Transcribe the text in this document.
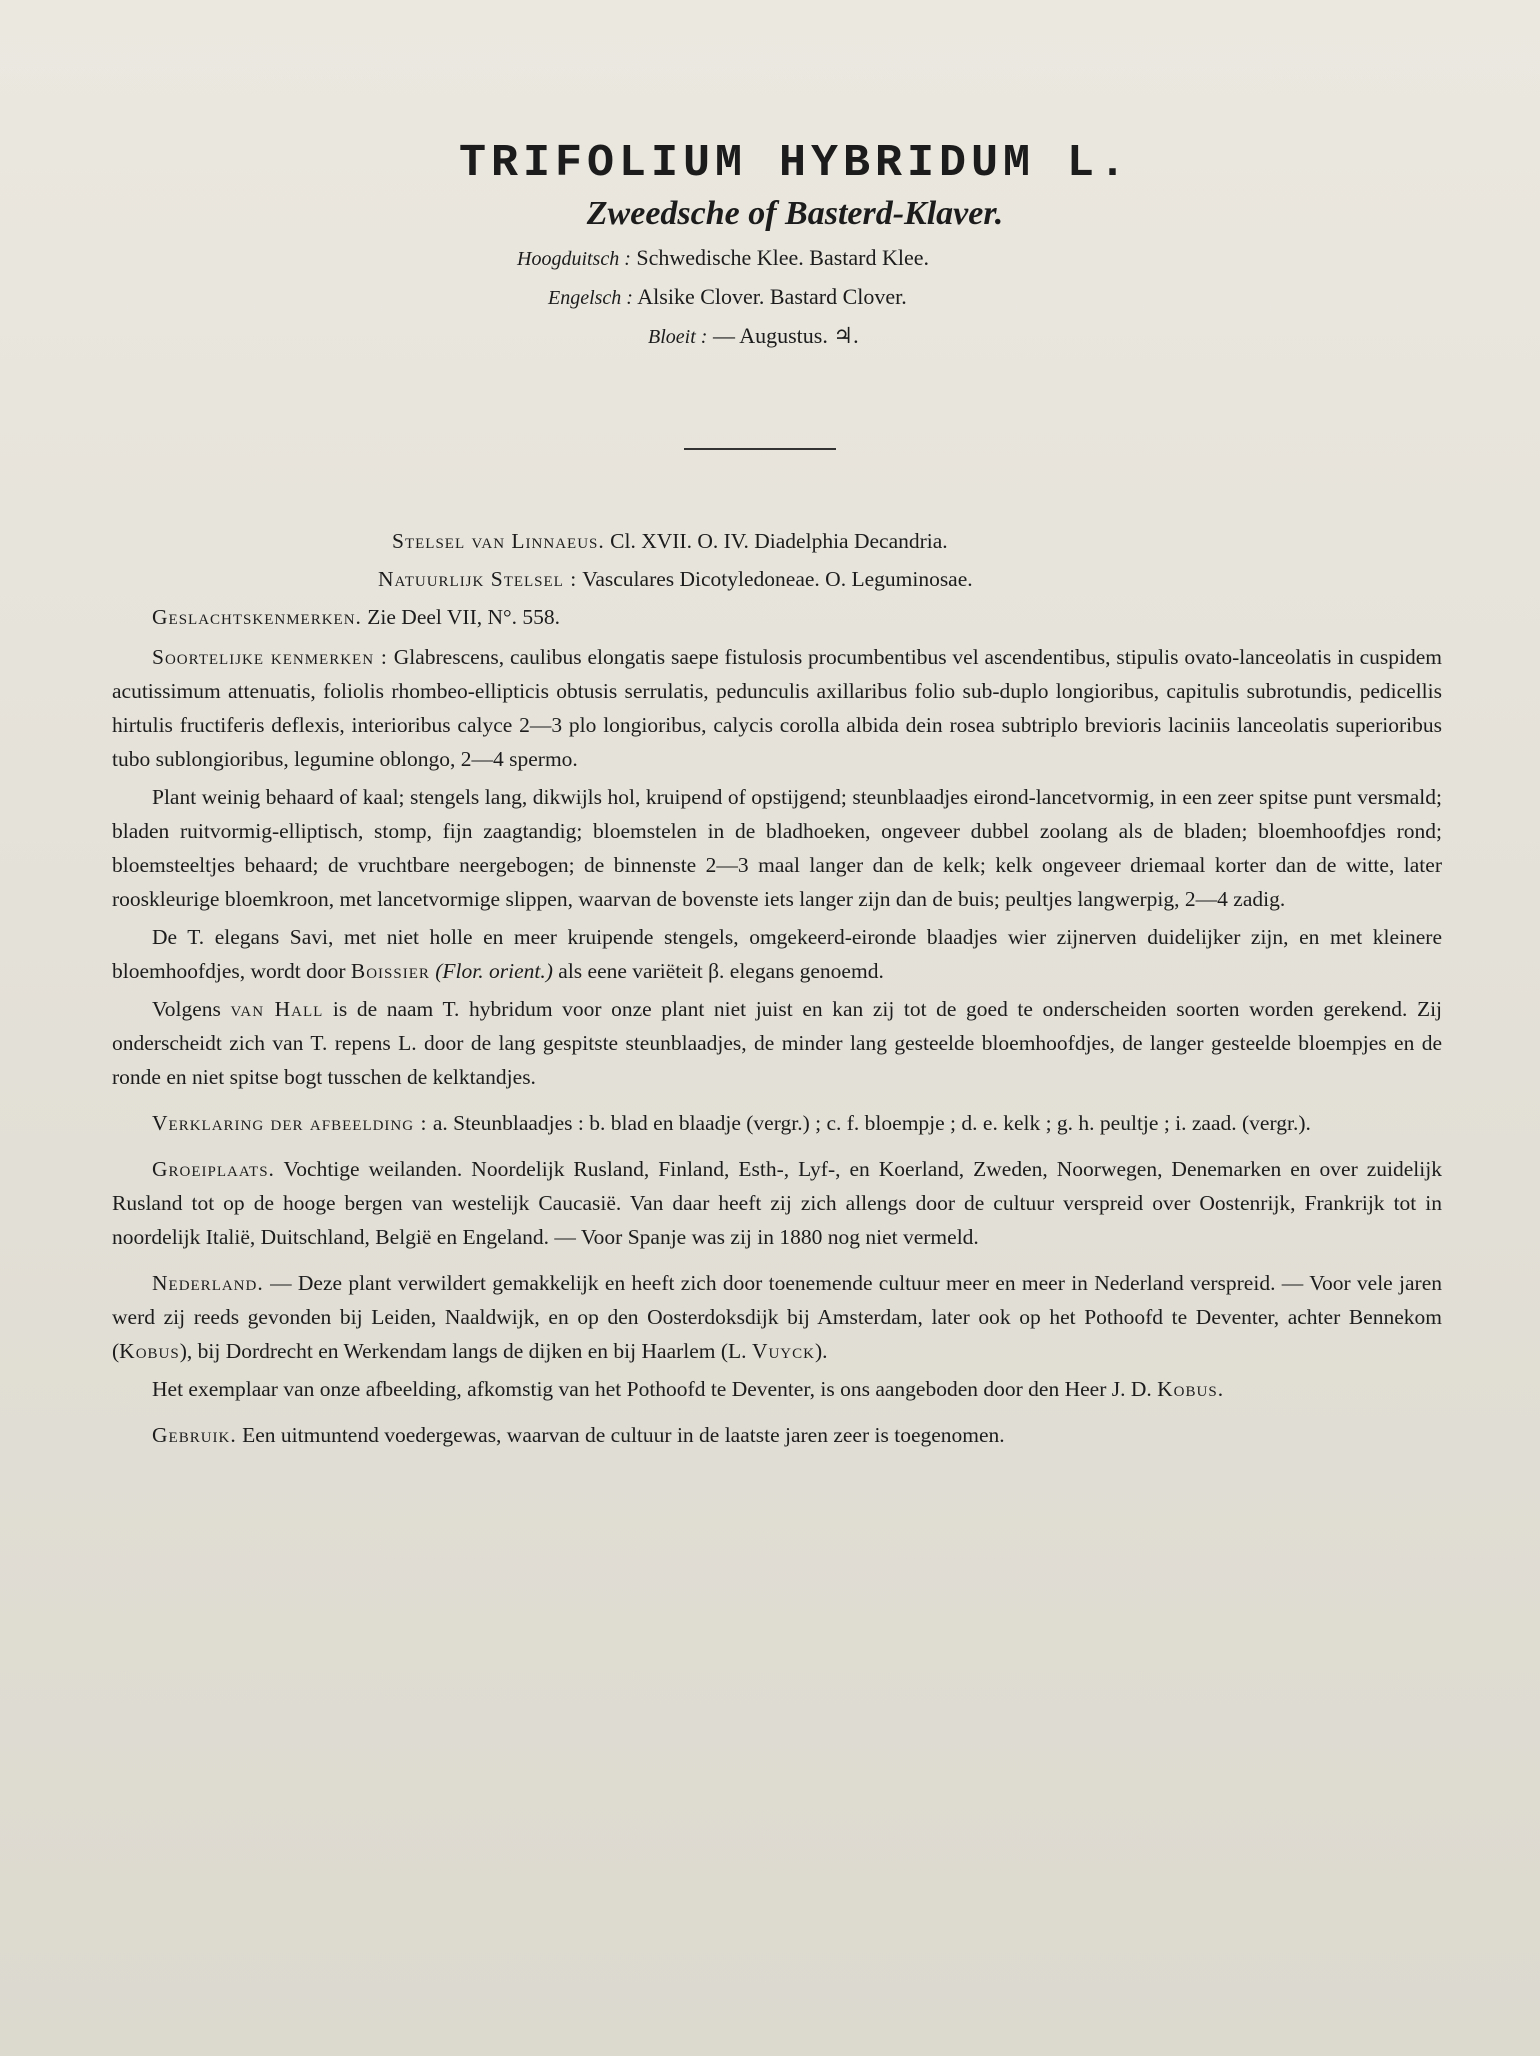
TRIFOLIUM HYBRIDUM L.

Zweedsche of Basterd-Klaver.

Hoogduitsch : Schwedische Klee. Bastard Klee.

Engelsch : Alsike Clover. Bastard Clover.

Bloeit : — Augustus. ♃.

Stelsel van Linnaeus. Cl. XVII. O. IV. Diadelphia Decandria.

Natuurlijk Stelsel : Vasculares Dicotyledoneae. O. Leguminosae.

Geslachtskenmerken. Zie Deel VII, N°. 558.

Soortelijke kenmerken : Glabrescens, caulibus elongatis saepe fistulosis procumbentibus vel ascendentibus, stipulis ovato-lanceolatis in cuspidem acutissimum attenuatis, foliolis rhombeo-ellipticis obtusis serrulatis, pedunculis axillaribus folio sub-duplo longioribus, capitulis subrotundis, pedicellis hirtulis fructiferis deflexis, interioribus calyce 2—3 plo longioribus, calycis corolla albida dein rosea subtriplo brevioris laciniis lanceolatis superioribus tubo sublongioribus, legumine oblongo, 2—4 spermo.

Plant weinig behaard of kaal; stengels lang, dikwijls hol, kruipend of opstijgend; steunblaadjes eirond-lancetvormig, in een zeer spitse punt versmald; bladen ruitvormig-elliptisch, stomp, fijn zaagtandig; bloemstelen in de bladhoeken, ongeveer dubbel zoolang als de bladen; bloemhoofdjes rond; bloemsteeltjes behaard; de vruchtbare neergebogen; de binnenste 2—3 maal langer dan de kelk; kelk ongeveer driemaal korter dan de witte, later rooskleurige bloemkroon, met lancetvormige slippen, waarvan de bovenste iets langer zijn dan de buis; peultjes langwerpig, 2—4 zadig.

De T. elegans Savi, met niet holle en meer kruipende stengels, omgekeerd-eironde blaadjes wier zijnerven duidelijker zijn, en met kleinere bloemhoofdjes, wordt door Boissier (Flor. orient.) als eene variëteit β. elegans genoemd.

Volgens van Hall is de naam T. hybridum voor onze plant niet juist en kan zij tot de goed te onderscheiden soorten worden gerekend. Zij onderscheidt zich van T. repens L. door de lang gespitste steunblaadjes, de minder lang gesteelde bloemhoofdjes, de langer gesteelde bloempjes en de ronde en niet spitse bogt tusschen de kelktandjes.

Verklaring der afbeelding : a. Steunblaadjes : b. blad en blaadje (vergr.) ; c. f. bloempje ; d. e. kelk ; g. h. peultje ; i. zaad. (vergr.).

Groeiplaats. Vochtige weilanden. Noordelijk Rusland, Finland, Esth-, Lyf-, en Koerland, Zweden, Noorwegen, Denemarken en over zuidelijk Rusland tot op de hooge bergen van westelijk Caucasië. Van daar heeft zij zich allengs door de cultuur verspreid over Oostenrijk, Frankrijk tot in noordelijk Italië, Duitschland, België en Engeland. — Voor Spanje was zij in 1880 nog niet vermeld.

Nederland. — Deze plant verwildert gemakkelijk en heeft zich door toenemende cultuur meer en meer in Nederland verspreid. — Voor vele jaren werd zij reeds gevonden bij Leiden, Naaldwijk, en op den Oosterdoksdijk bij Amsterdam, later ook op het Pothoofd te Deventer, achter Bennekom (Kobus), bij Dordrecht en Werkendam langs de dijken en bij Haarlem (L. Vuyck).

Het exemplaar van onze afbeelding, afkomstig van het Pothoofd te Deventer, is ons aangeboden door den Heer J. D. Kobus.

Gebruik. Een uitmuntend voedergewas, waarvan de cultuur in de laatste jaren zeer is toegenomen.
